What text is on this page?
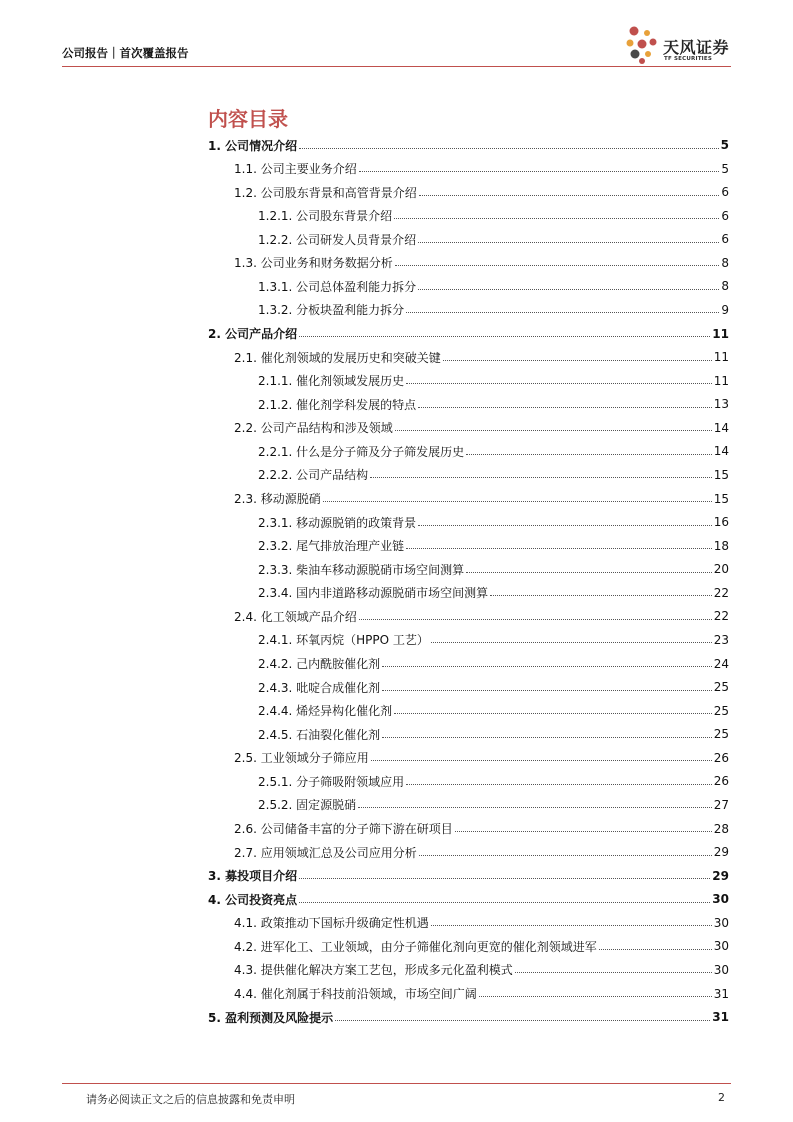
公司报告｜首次覆盖报告	天风证券
TF SECURITIES
内容目录
1. 公司情况介绍	5
1.1. 公司主要业务介绍	5
1.2. 公司股东背景和高管背景介绍	6
1.2.1. 公司股东背景介绍	6
1.2.2. 公司研发人员背景介绍	6
1.3. 公司业务和财务数据分析	8
1.3.1. 公司总体盈利能力拆分	8
1.3.2. 分板块盈利能力拆分	9
2. 公司产品介绍	11
2.1. 催化剂领域的发展历史和突破关键	11
2.1.1. 催化剂领域发展历史	11
2.1.2. 催化剂学科发展的特点	13
2.2. 公司产品结构和涉及领域	14
2.2.1. 什么是分子筛及分子筛发展历史	14
2.2.2. 公司产品结构	15
2.3. 移动源脱硝	15
2.3.1. 移动源脱销的政策背景	16
2.3.2. 尾气排放治理产业链	18
2.3.3. 柴油车移动源脱硝市场空间测算	20
2.3.4. 国内非道路移动源脱硝市场空间测算	22
2.4. 化工领域产品介绍	22
2.4.1. 环氧丙烷（HPPO 工艺）	23
2.4.2. 己内酰胺催化剂	24
2.4.3. 吡啶合成催化剂	25
2.4.4. 烯烃异构化催化剂	25
2.4.5. 石油裂化催化剂	25
2.5. 工业领域分子筛应用	26
2.5.1. 分子筛吸附领域应用	26
2.5.2. 固定源脱硝	27
2.6. 公司储备丰富的分子筛下游在研项目	28
2.7. 应用领域汇总及公司应用分析	29
3. 募投项目介绍	29
4. 公司投资亮点	30
4.1. 政策推动下国标升级确定性机遇	30
4.2. 进军化工、工业领域，由分子筛催化剂向更宽的催化剂领域进军	30
4.3. 提供催化解决方案工艺包，形成多元化盈利模式	30
4.4. 催化剂属于科技前沿领域，市场空间广阔	31
5. 盈利预测及风险提示	31
请务必阅读正文之后的信息披露和免责申明	2
